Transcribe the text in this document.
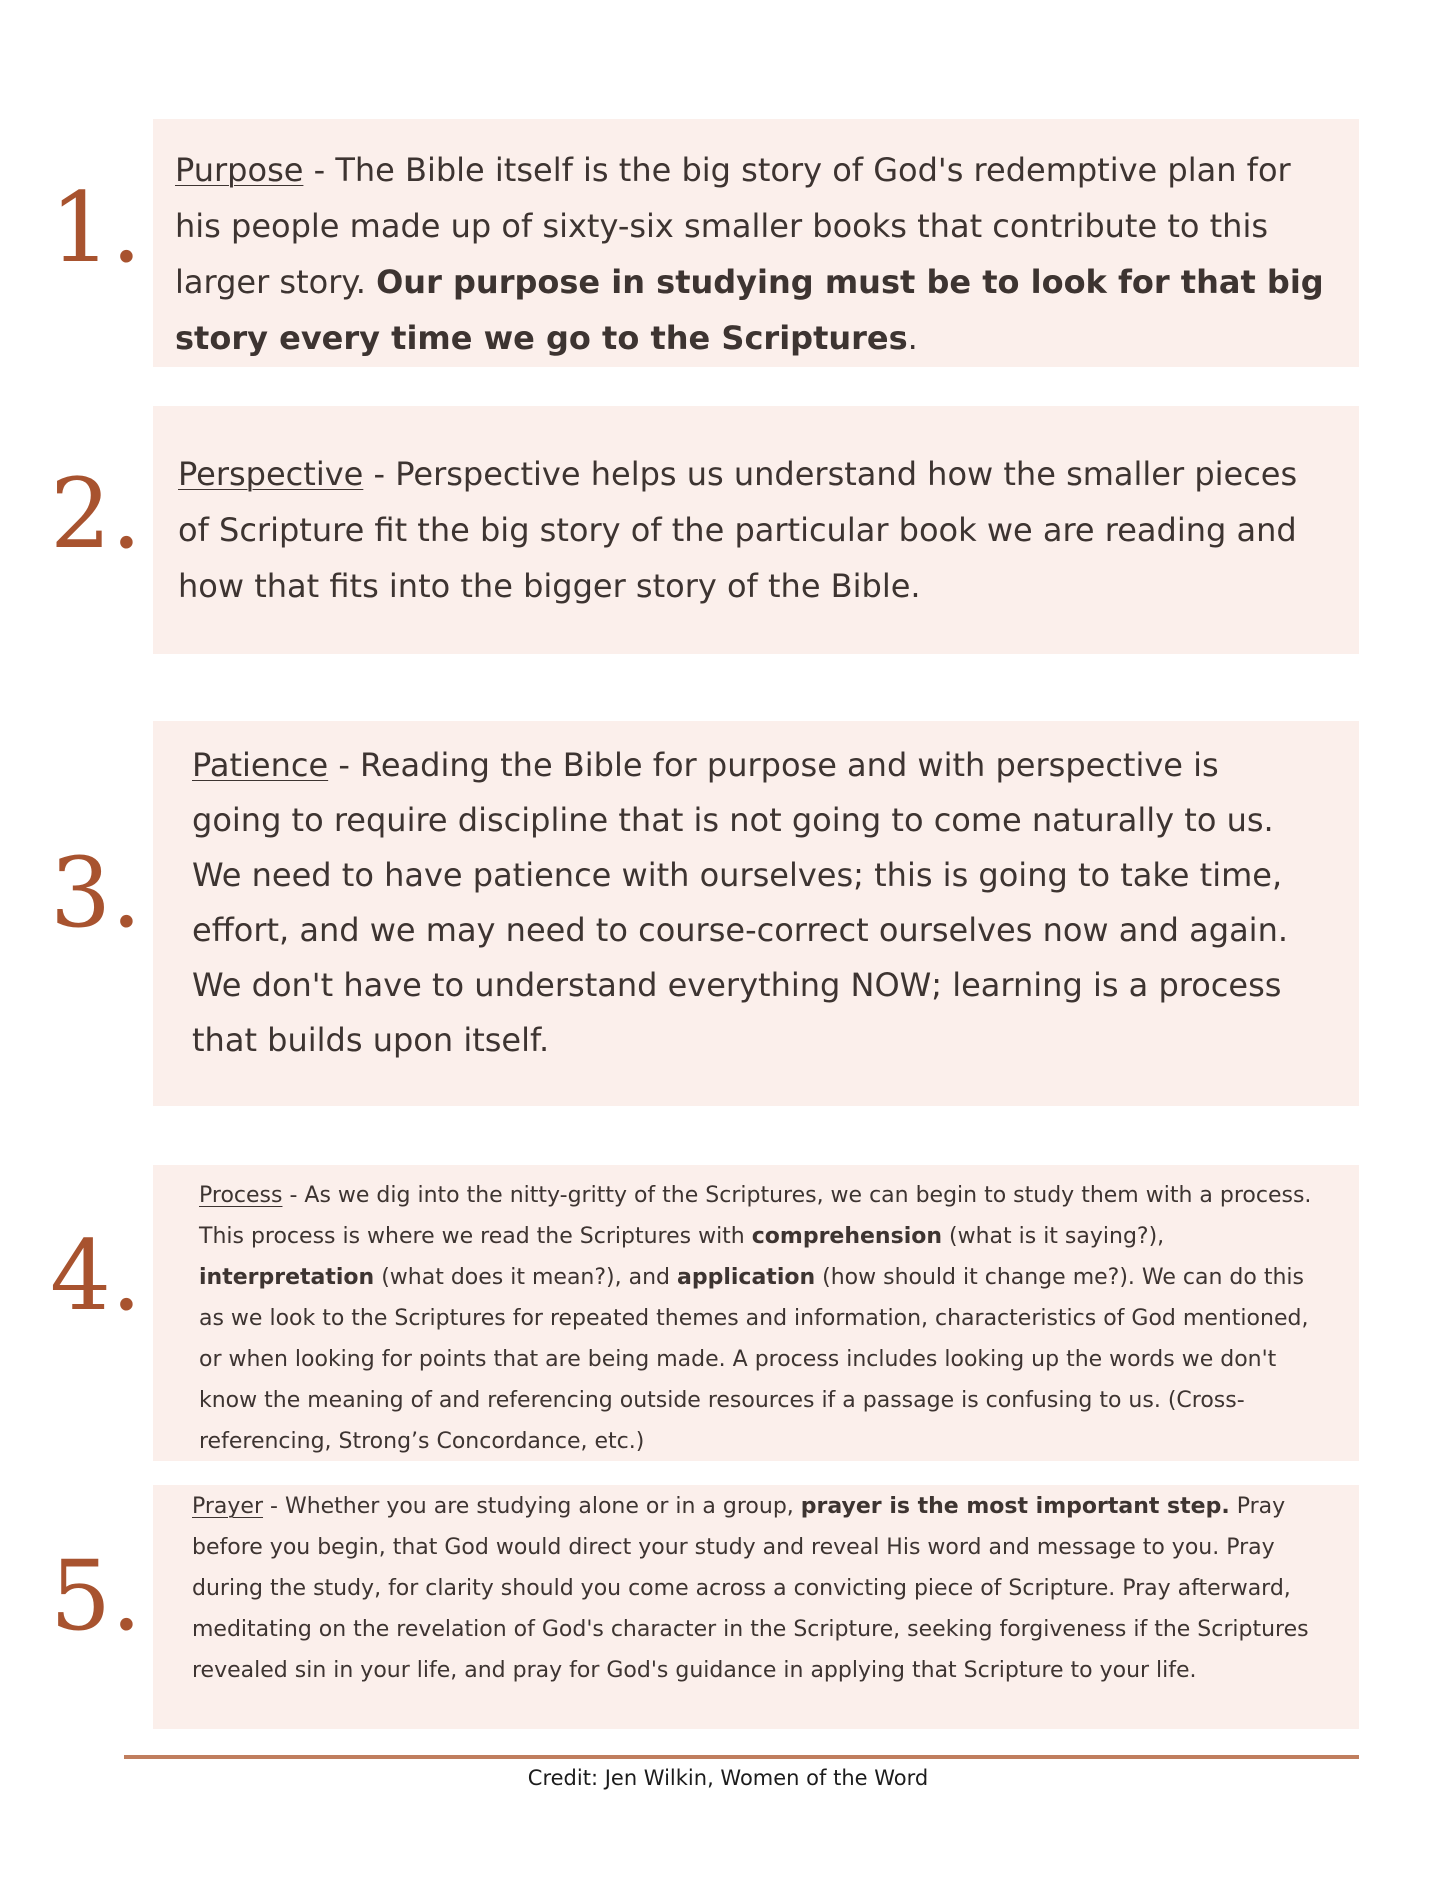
1.

Purpose - The Bible itself is the big story of God's redemptive plan for his people made up of sixty-six smaller books that contribute to this larger story. Our purpose in studying must be to look for that big story every time we go to the Scriptures.

2. Perspective - Perspective helps us understand how the smaller pieces of Scripture fit the big story of the particular book we are reading and how that fits into the bigger story of the Bible.

3.

Patience - Reading the Bible for purpose and with perspective is going to require discipline that is not going to come naturally to us. We need to have patience with ourselves; this is going to take time, effort, and we may need to course-correct ourselves now and again. We don't have to understand everything NOW; learning is a process that builds upon itself.

4.

Process - As we dig into the nitty-gritty of the Scriptures, we can begin to study them with a process. This process is where we read the Scriptures with comprehension (what is it saying?), interpretation (what does it mean?), and application (how should it change me?). We can do this as we look to the Scriptures for repeated themes and information, characteristics of God mentioned, or when looking for points that are being made. A process includes looking up the words we don't know the meaning of and referencing outside resources if a passage is confusing to us. (Cross-referencing, Strong’s Concordance, etc.)

5.

Prayer - Whether you are studying alone or in a group, prayer is the most important step. Pray before you begin, that God would direct your study and reveal His word and message to you. Pray during the study, for clarity should you come across a convicting piece of Scripture. Pray afterward, meditating on the revelation of God's character in the Scripture, seeking forgiveness if the Scriptures revealed sin in your life, and pray for God's guidance in applying that Scripture to your life.

Credit: Jen Wilkin, Women of the Word
